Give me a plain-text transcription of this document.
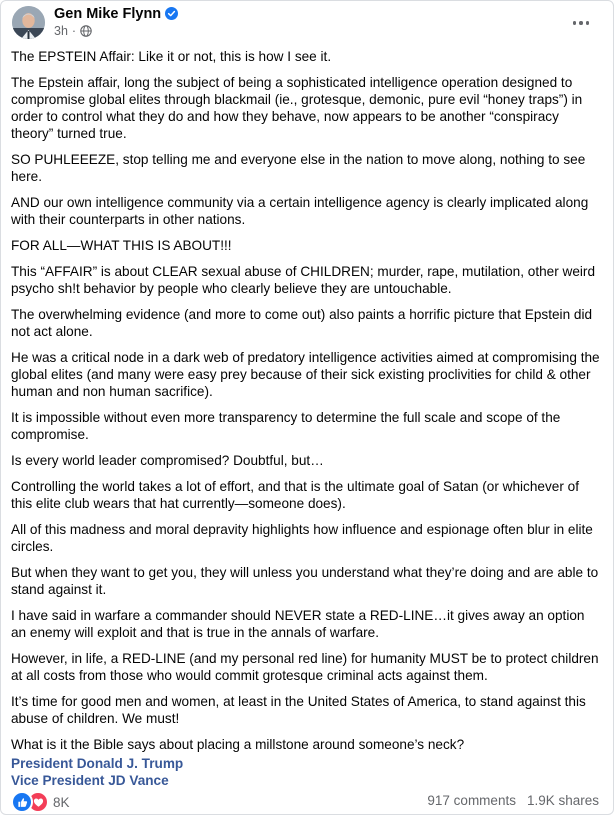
Gen Mike Flynn
3h ·

The EPSTEIN Affair: Like it or not, this is how I see it.

The Epstein affair, long the subject of being a sophisticated intelligence operation designed to compromise global elites through blackmail (ie., grotesque, demonic, pure evil “honey traps”) in order to control what they do and how they behave, now appears to be another “conspiracy theory” turned true.

SO PUHLEEEZE, stop telling me and everyone else in the nation to move along, nothing to see here.

AND our own intelligence community via a certain intelligence agency is clearly implicated along with their counterparts in other nations.

FOR ALL—WHAT THIS IS ABOUT!!!

This “AFFAIR” is about CLEAR sexual abuse of CHILDREN; murder, rape, mutilation, other weird psycho sh!t behavior by people who clearly believe they are untouchable.

The overwhelming evidence (and more to come out) also paints a horrific picture that Epstein did not act alone.

He was a critical node in a dark web of predatory intelligence activities aimed at compromising the global elites (and many were easy prey because of their sick existing proclivities for child & other human and non human sacrifice).

It is impossible without even more transparency to determine the full scale and scope of the compromise.

Is every world leader compromised? Doubtful, but…

Controlling the world takes a lot of effort, and that is the ultimate goal of Satan (or whichever of this elite club wears that hat currently—someone does).

All of this madness and moral depravity highlights how influence and espionage often blur in elite circles.

But when they want to get you, they will unless you understand what they’re doing and are able to stand against it.

I have said in warfare a commander should NEVER state a RED-LINE…it gives away an option an enemy will exploit and that is true in the annals of warfare.

However, in life, a RED-LINE (and my personal red line) for humanity MUST be to protect children at all costs from those who would commit grotesque criminal acts against them.

It’s time for good men and women, at least in the United States of America, to stand against this abuse of children. We must!

What is it the Bible says about placing a millstone around someone’s neck?

President Donald J. Trump
Vice President JD Vance
8K	917 comments 1.9K shares
